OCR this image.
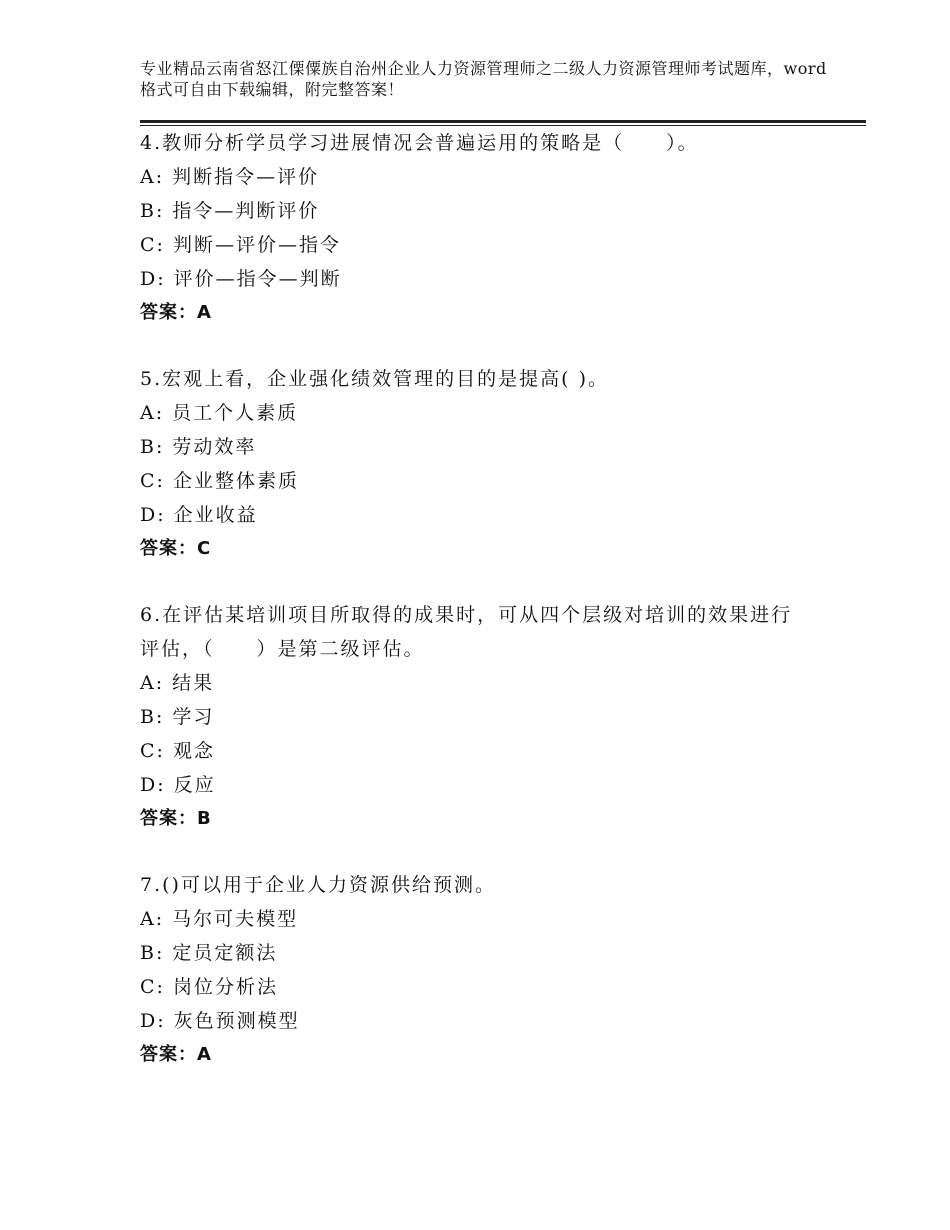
专业精品云南省怒江傈僳族自治州企业人力资源管理师之二级人力资源管理师考试题库，word格式可自由下载编辑，附完整答案！
4.教师分析学员学习进展情况会普遍运用的策略是（　　）。
A: 判断指令—评价
B: 指令—判断评价
C: 判断—评价—指令
D: 评价—指令—判断
答案：A
5.宏观上看，企业强化绩效管理的目的是提高( )。
A: 员工个人素质
B: 劳动效率
C: 企业整体素质
D: 企业收益
答案：C
6.在评估某培训项目所取得的成果时，可从四个层级对培训的效果进行评估，（　　）是第二级评估。
A: 结果
B: 学习
C: 观念
D: 反应
答案：B
7.()可以用于企业人力资源供给预测。
A: 马尔可夫模型
B: 定员定额法
C: 岗位分析法
D: 灰色预测模型
答案：A
